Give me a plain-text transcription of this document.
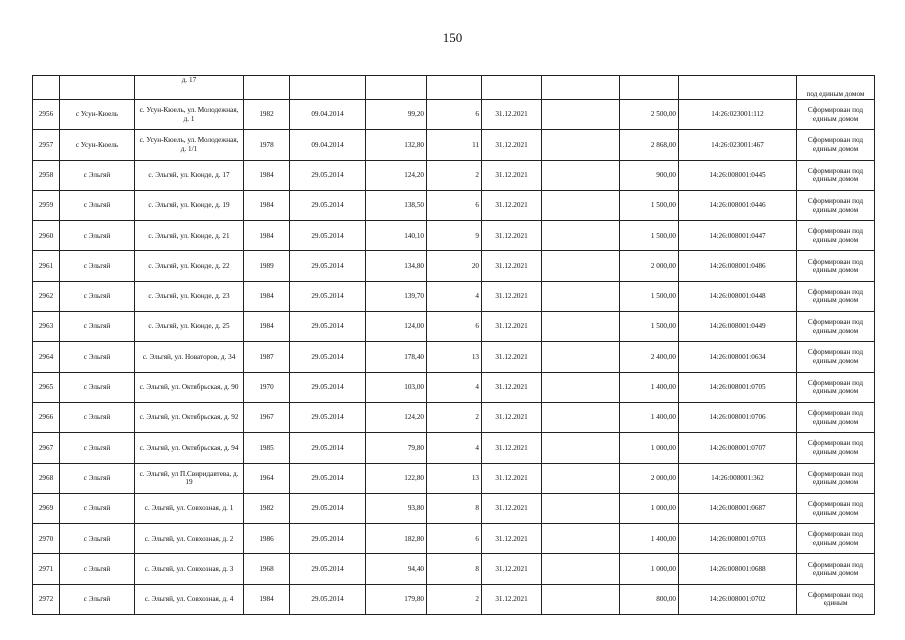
150
		д. 17									под единым домом
2956	с Усун-Кюель	с. Усун-Кюель, ул. Молодежная, д. 1	1982	09.04.2014	99,20	6	31.12.2021		2 500,00	14:26:023001:112	Сформирован под единым домом
2957	с Усун-Кюель	с. Усун-Кюель, ул. Молодежная, д. 1/1	1978	09.04.2014	132,80	11	31.12.2021		2 868,00	14:26:023001:467	Сформирован под единым домом
2958	с Эльгяй	с. Эльгяй, ул. Кюнде, д. 17	1984	29.05.2014	124,20	2	31.12.2021		900,00	14:26:008001:0445	Сформирован под единым домом
2959	с Эльгяй	с. Эльгяй, ул. Кюнде, д. 19	1984	29.05.2014	138,50	6	31.12.2021		1 500,00	14:26:008001:0446	Сформирован под единым домом
2960	с Эльгяй	с. Эльгяй, ул. Кюнде, д. 21	1984	29.05.2014	140,10	9	31.12.2021		1 500,00	14:26:008001:0447	Сформирован под единым домом
2961	с Эльгяй	с. Эльгяй, ул. Кюнде, д. 22	1989	29.05.2014	134,80	20	31.12.2021		2 000,00	14:26:008001:0486	Сформирован под единым домом
2962	с Эльгяй	с. Эльгяй, ул. Кюнде, д. 23	1984	29.05.2014	139,70	4	31.12.2021		1 500,00	14:26:008001:0448	Сформирован под единым домом
2963	с Эльгяй	с. Эльгяй, ул. Кюнде, д. 25	1984	29.05.2014	124,00	6	31.12.2021		1 500,00	14:26:008001:0449	Сформирован под единым домом
2964	с Эльгяй	с. Эльгяй, ул. Новаторов, д. 34	1987	29.05.2014	178,40	13	31.12.2021		2 400,00	14:26:008001:0634	Сформирован под единым домом
2965	с Эльгяй	с. Эльгяй, ул. Октябрьская, д. 90	1970	29.05.2014	103,00	4	31.12.2021		1 400,00	14:26:008001:0705	Сформирован под единым домом
2966	с Эльгяй	с. Эльгяй, ул. Октябрьская, д. 92	1967	29.05.2014	124,20	2	31.12.2021		1 400,00	14:26:008001:0706	Сформирован под единым домом
2967	с Эльгяй	с. Эльгяй, ул. Октябрьская, д. 94	1985	29.05.2014	79,80	4	31.12.2021		1 000,00	14:26:008001:0707	Сформирован под единым домом
2968	с Эльгяй	с. Эльгяй, ул П.Свиридавтева, д. 19	1964	29.05.2014	122,80	13	31.12.2021		2 000,00	14:26:008001:362	Сформирован под единым домом
2969	с Эльгяй	с. Эльгяй, ул. Совхозная, д. 1	1982	29.05.2014	93,80	8	31.12.2021		1 000,00	14:26:008001:0687	Сформирован под единым домом
2970	с Эльгяй	с. Эльгяй, ул. Совхозная, д. 2	1986	29.05.2014	182,80	6	31.12.2021		1 400,00	14:26:008001:0703	Сформирован под единым домом
2971	с Эльгяй	с. Эльгяй, ул. Совхозная, д. 3	1968	29.05.2014	94,40	8	31.12.2021		1 000,00	14:26:008001:0688	Сформирован под единым домом
2972	с Эльгяй	с. Эльгяй, ул. Совхозная, д. 4	1984	29.05.2014	179,80	2	31.12.2021		800,00	14:26:008001:0702	Сформирован под единым
